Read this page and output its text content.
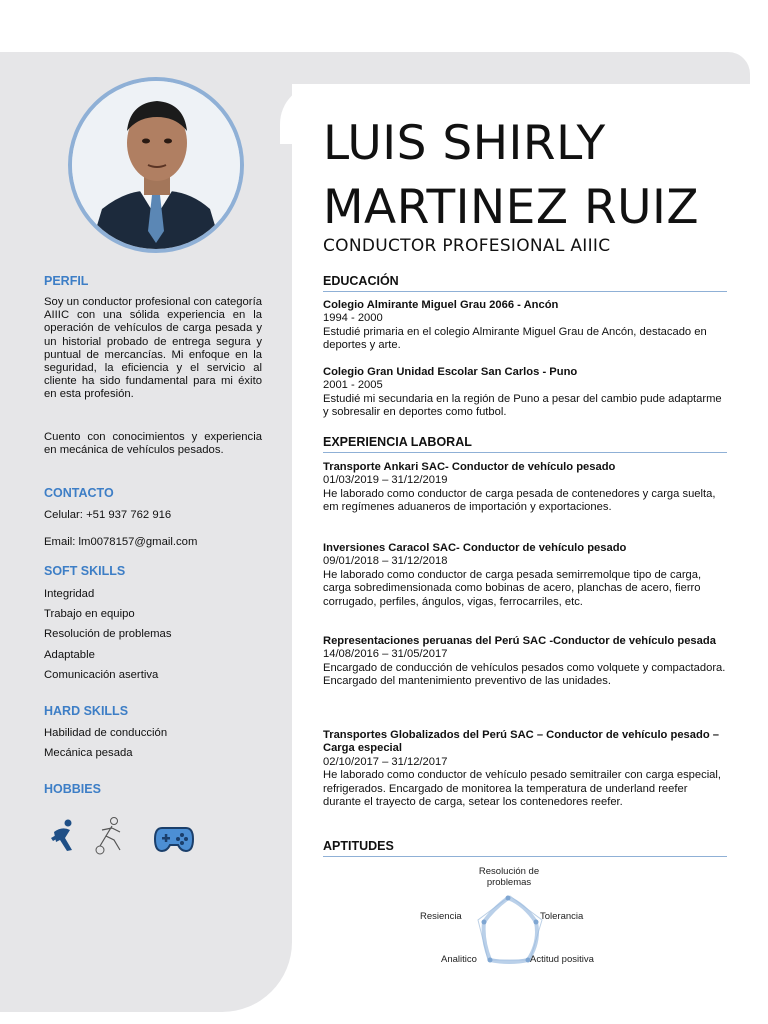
PERFIL
Soy un conductor profesional con categoría AIIIC con una sólida experiencia en la operación de vehículos de carga pesada y un historial probado de entrega segura y puntual de mercancías. Mi enfoque en la seguridad, la eficiencia y el servicio al cliente ha sido fundamental para mi éxito en esta profesión.
Cuento con conocimientos y experiencia en mecánica de vehículos pesados.
CONTACTO
Celular: +51 937 762 916
Email: lm0078157@gmail.com
SOFT SKILLS
Integridad
Trabajo en equipo
Resolución de problemas
Adaptable
Comunicación asertiva
HARD SKILLS
Habilidad de conducción
Mecánica pesada
HOBBIES
LUIS SHIRLY
MARTINEZ RUIZ
CONDUCTOR PROFESIONAL AIIIC
EDUCACIÓN
Colegio Almirante Miguel Grau 2066 - Ancón
1994 - 2000
Estudié primaria en el colegio Almirante Miguel Grau de Ancón, destacado en deportes y arte.
Colegio Gran Unidad Escolar San Carlos - Puno
2001 - 2005
Estudié mi secundaria en la región de Puno a pesar del cambio pude adaptarme y sobresalir en deportes como futbol.
EXPERIENCIA LABORAL
Transporte Ankari SAC- Conductor de vehículo pesado
01/03/2019 – 31/12/2019
He laborado como conductor de carga pesada de contenedores y carga suelta, em regímenes aduaneros de importación y exportaciones.
Inversiones Caracol SAC- Conductor de vehículo pesado
09/01/2018 – 31/12/2018
He laborado como conductor de carga pesada semirremolque tipo de carga, carga sobredimensionada como bobinas de acero, planchas de acero, fierro corrugado, perfiles, ángulos, vigas, ferrocarriles, etc.
Representaciones peruanas del Perú SAC -Conductor de vehículo pesada
14/08/2016 – 31/05/2017
Encargado de conducción de vehículos pesados como volquete y compactadora. Encargado del mantenimiento preventivo de las unidades.
Transportes Globalizados del Perú SAC – Conductor de vehículo pesado – Carga especial
02/10/2017 – 31/12/2017
He laborado como conductor de vehículo pesado semitrailer con carga especial, refrigerados. Encargado de monitorea la temperatura de underland reefer durante el trayecto de carga, setear los contenedores reefer.
APTITUDES
Resolución de problemas
Tolerancia
Actitud positiva
Analitico
Resiencia
